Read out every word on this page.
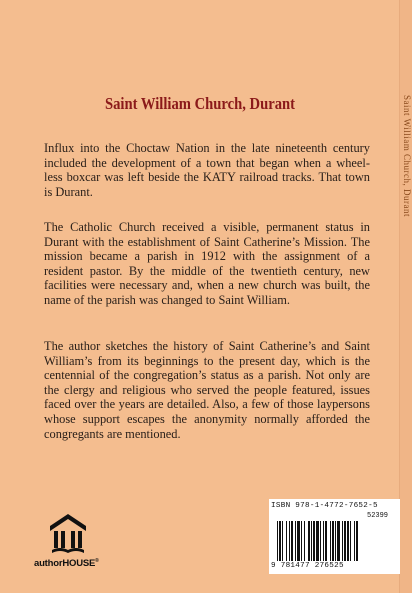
Saint William Church, Durant
Saint William Church, Durant

Influx into the Choctaw Nation in the late nineteenth century included the development of a town that began when a wheel-less boxcar was left beside the KATY railroad tracks. That town is Durant.

The Catholic Church received a visible, permanent status in Durant with the establishment of Saint Catherine’s Mission. The mission became a parish in 1912 with the assignment of a resident pastor. By the middle of the twentieth century, new facilities were necessary and, when a new church was built, the name of the parish was changed to Saint William.

The author sketches the history of Saint Catherine’s and Saint William’s from its beginnings to the present day, which is the centennial of the congregation’s status as a parish. Not only are the clergy and religious who served the people featured, issues faced over the years are detailed. Also, a few of those laypersons whose support escapes the anonymity normally afforded the congregants are mentioned.

authorHOUSE®
ISBN 978-1-4772-7652-5
52399
9 781477 276525
